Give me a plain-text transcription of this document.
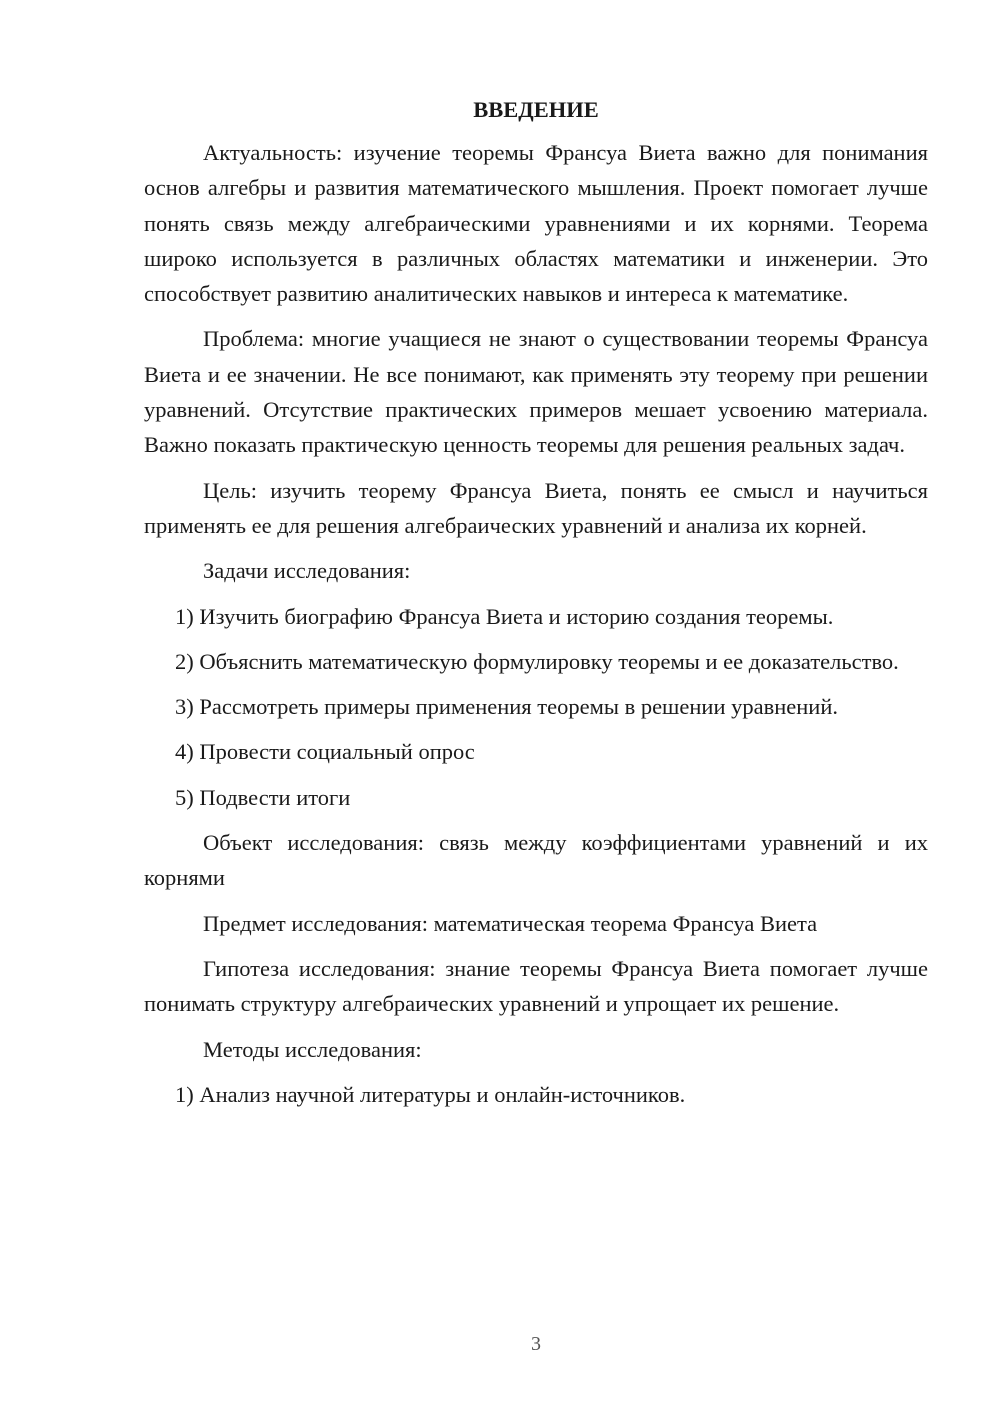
ВВЕДЕНИЕ

Актуальность: изучение теоремы Франсуа Виета важно для понимания основ алгебры и развития математического мышления. Проект помогает лучше понять связь между алгебраическими уравнениями и их корнями. Теорема широко используется в различных областях математики и инженерии. Это способствует развитию аналитических навыков и интереса к математике.

Проблема: многие учащиеся не знают о существовании теоремы Франсуа Виета и ее значении. Не все понимают, как применять эту теорему при решении уравнений. Отсутствие практических примеров мешает усвоению материала. Важно показать практическую ценность теоремы для решения реальных задач.

Цель: изучить теорему Франсуа Виета, понять ее смысл и научиться применять ее для решения алгебраических уравнений и анализа их корней.

Задачи исследования:

1) Изучить биографию Франсуа Виета и историю создания теоремы.

2) Объяснить математическую формулировку теоремы и ее доказательство.

3) Рассмотреть примеры применения теоремы в решении уравнений.

4) Провести социальный опрос

5) Подвести итоги

Объект исследования: связь между коэффициентами уравнений и их корнями

Предмет исследования: математическая теорема Франсуа Виета

Гипотеза исследования: знание теоремы Франсуа Виета помогает лучше понимать структуру алгебраических уравнений и упрощает их решение.

Методы исследования:

1) Анализ научной литературы и онлайн-источников.

3
